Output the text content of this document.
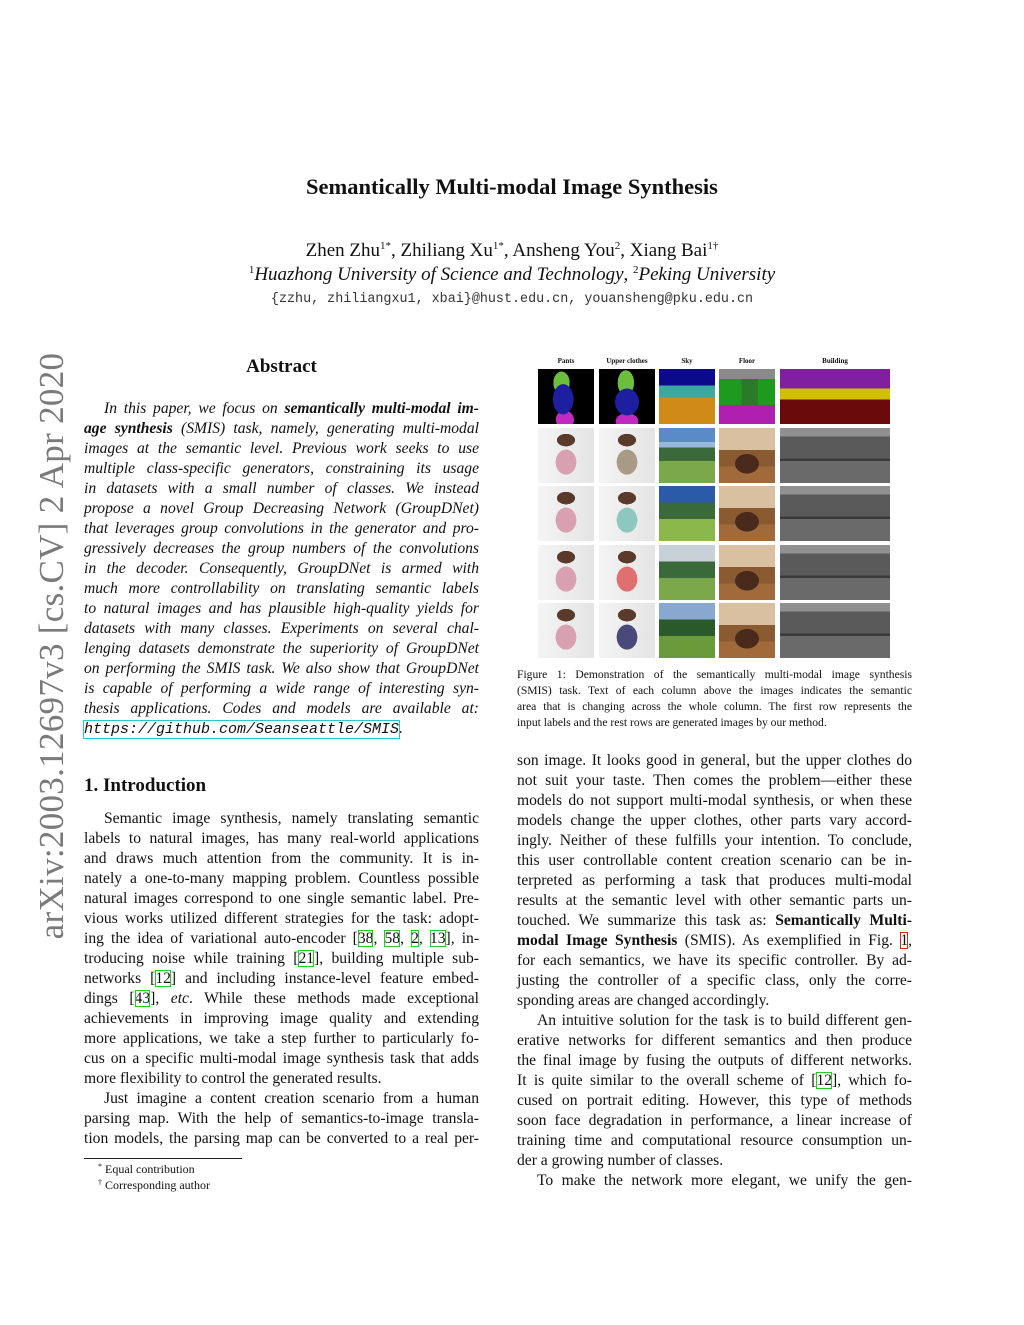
Semantically Multi-modal Image Synthesis
Zhen Zhu$^{1*}$, Zhiliang $Xu^{1*}$, Ansheng You$^2$, Xiang Bai$^{1\dagger}$
$^1$Huazhong University of Science and Technology, $^2$Peking University
{zzhu, zhiliangxu1, xbai}@hust.edu.cn, youansheng@pku.edu.cn
arXiv:2003.12697v3 [cs.CV] 2 Apr 2020	Abstract
In this paper, we focus on semantically multi-modal im-
age synthesis (SMIS) task, namely, generating multi-modal
images at the semantic level. Previous work seeks to use
multiple class-specific generators, constraining its usage
in datasets with a small number of classes. We instead
propose a novel Group Decreasing Network (GroupDNet)
that leverages group convolutions in the generator and pro-
gressively decreases the group numbers of the convolutions
in the decoder. Consequently, GroupDNet is armed with
much more controllability on translating semantic labels
to natural images and has plausible high-quality yields for
datasets with many classes. Experiments on several chal-
lenging datasets demonstrate the superiority of GroupDNet
on performing the SMIS task. We also show that GroupDNet
is capable of performing a wide range of interesting syn-
thesis applications. Codes and models are available at:
https://github.com/Seanseattle/SMIS.
1. Introduction
Semantic image synthesis, namely translating semantic
labels to natural images, has many real-world applications
and draws much attention from the community. It is in-
nately a one-to-many mapping problem. Countless possible
natural images correspond to one single semantic label. Pre-
vious works utilized different strategies for the task: adopt-
ing the idea of variational auto-encoder [38, 58, 2, 13], in-
troducing noise while training [21], building multiple sub-
networks [12] and including instance-level feature embed-
dings [43], etc. While these methods made exceptional
achievements in improving image quality and extending
more applications, we take a step further to particularly fo-
cus on a specific multi-modal image synthesis task that adds
more flexibility to control the generated results.
Just imagine a content creation scenario from a human
parsing map. With the help of semantics-to-image transla-
tion models, the parsing map can be converted to a real per-
* Equal contribution
† Corresponding author
Pants	Upper clothes	Sky	Floor	Building
Figure 1: Demonstration of the semantically multi-modal image synthesis
(SMIS) task. Text of each column above the images indicates the semantic
area that is changing across the whole column. The first row represents the
input labels and the rest rows are generated images by our method.
son image. It looks good in general, but the upper clothes do
not suit your taste. Then comes the problem—either these
models do not support multi-modal synthesis, or when these
models change the upper clothes, other parts vary accord-
ingly. Neither of these fulfills your intention. To conclude,
this user controllable content creation scenario can be in-
terpreted as performing a task that produces multi-modal
results at the semantic level with other semantic parts un-
touched. We summarize this task as: Semantically Multi-
modal Image Synthesis (SMIS). As exemplified in Fig. 1,
for each semantics, we have its specific controller. By ad-
justing the controller of a specific class, only the corre-
sponding areas are changed accordingly.
An intuitive solution for the task is to build different gen-
erative networks for different semantics and then produce
the final image by fusing the outputs of different networks.
It is quite similar to the overall scheme of [12], which fo-
cused on portrait editing. However, this type of methods
soon face degradation in performance, a linear increase of
training time and computational resource consumption un-
der a growing number of classes.
To make the network more elegant, we unify the gen-
